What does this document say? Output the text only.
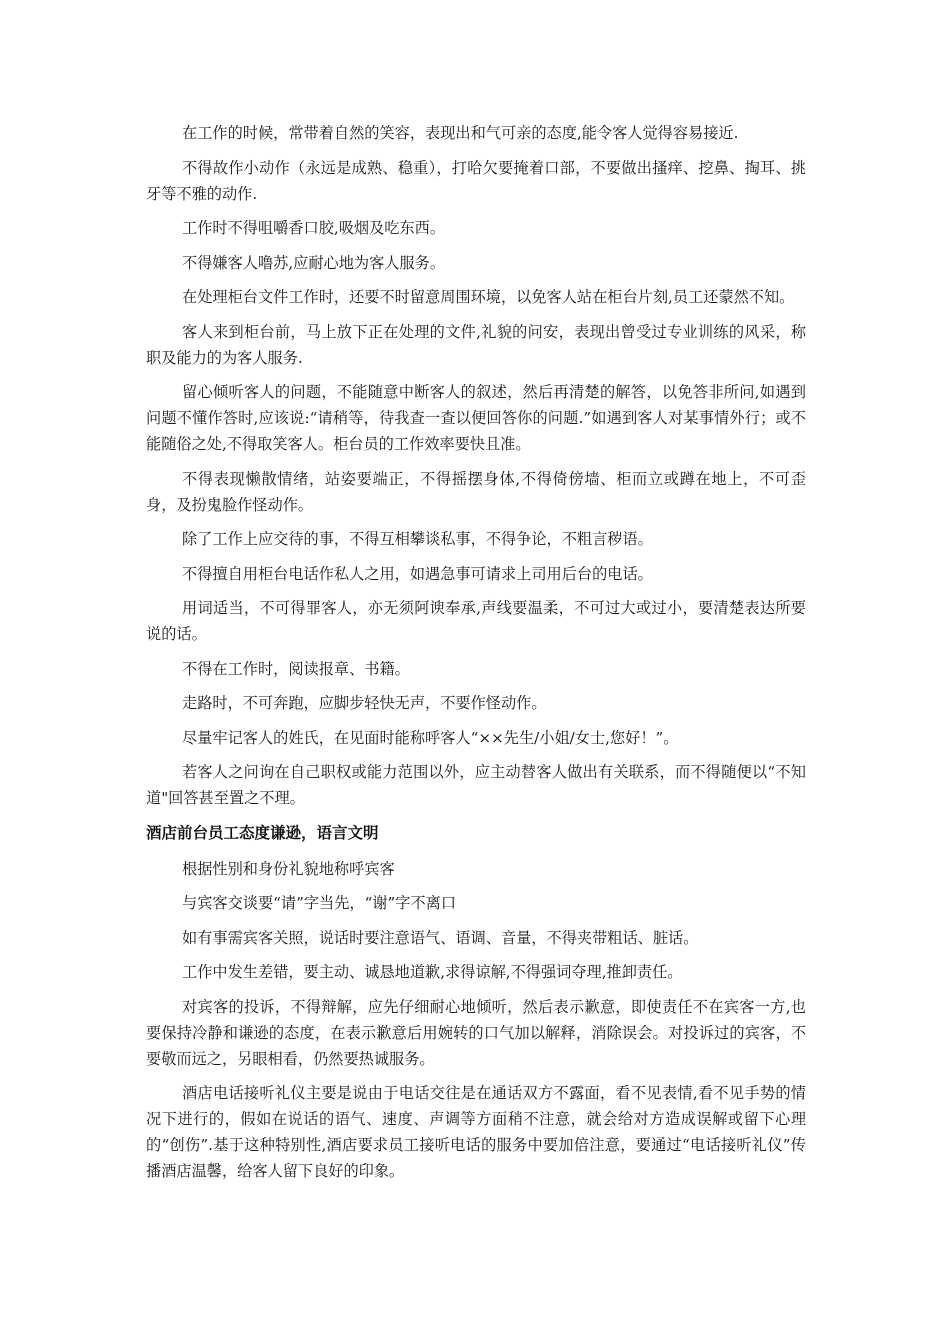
在工作的时候，常带着自然的笑容，表现出和气可亲的态度,能令客人觉得容易接近.

不得故作小动作（永远是成熟、稳重），打哈欠要掩着口部，不要做出搔痒、挖鼻、掏耳、挑牙等不雅的动作.

工作时不得咀嚼香口胶,吸烟及吃东西。

不得嫌客人噜苏,应耐心地为客人服务。

在处理柜台文件工作时，还要不时留意周围环境，以免客人站在柜台片刻,员工还蒙然不知。

客人来到柜台前，马上放下正在处理的文件,礼貌的问安，表现出曾受过专业训练的风采，称职及能力的为客人服务.

留心倾听客人的问题，不能随意中断客人的叙述，然后再清楚的解答，以免答非所问,如遇到问题不懂作答时,应该说:“请稍等，待我查一查以便回答你的问题.”如遇到客人对某事情外行；或不能随俗之处,不得取笑客人。柜台员的工作效率要快且准。

不得表现懒散情绪，站姿要端正，不得摇摆身体,不得倚傍墙、柜而立或蹲在地上，不可歪身，及扮鬼脸作怪动作。

除了工作上应交待的事，不得互相攀谈私事，不得争论，不粗言秽语。

不得擅自用柜台电话作私人之用，如遇急事可请求上司用后台的电话。

用词适当，不可得罪客人，亦无须阿谀奉承,声线要温柔，不可过大或过小，要清楚表达所要说的话。

不得在工作时，阅读报章、书籍。

走路时，不可奔跑，应脚步轻快无声，不要作怪动作。

尽量牢记客人的姓氏，在见面时能称呼客人“××先生/小姐/女士,您好！”。

若客人之问询在自己职权或能力范围以外，应主动替客人做出有关联系，而不得随便以“不知道"回答甚至置之不理。

酒店前台员工态度谦逊，语言文明

根据性别和身份礼貌地称呼宾客

与宾客交谈要“请”字当先，“谢”字不离口

如有事需宾客关照，说话时要注意语气、语调、音量，不得夹带粗话、脏话。

工作中发生差错，要主动、诚恳地道歉,求得谅解,不得强词夺理,推卸责任。

对宾客的投诉，不得辩解，应先仔细耐心地倾听，然后表示歉意，即使责任不在宾客一方,也要保持冷静和谦逊的态度，在表示歉意后用婉转的口气加以解释，消除误会。对投诉过的宾客，不要敬而远之，另眼相看，仍然要热诚服务。

酒店电话接听礼仪主要是说由于电话交往是在通话双方不露面，看不见表情,看不见手势的情况下进行的，假如在说话的语气、速度、声调等方面稍不注意，就会给对方造成误解或留下心理的“创伤”.基于这种特别性,酒店要求员工接听电话的服务中要加倍注意，要通过“电话接听礼仪”传播酒店温馨，给客人留下良好的印象。
